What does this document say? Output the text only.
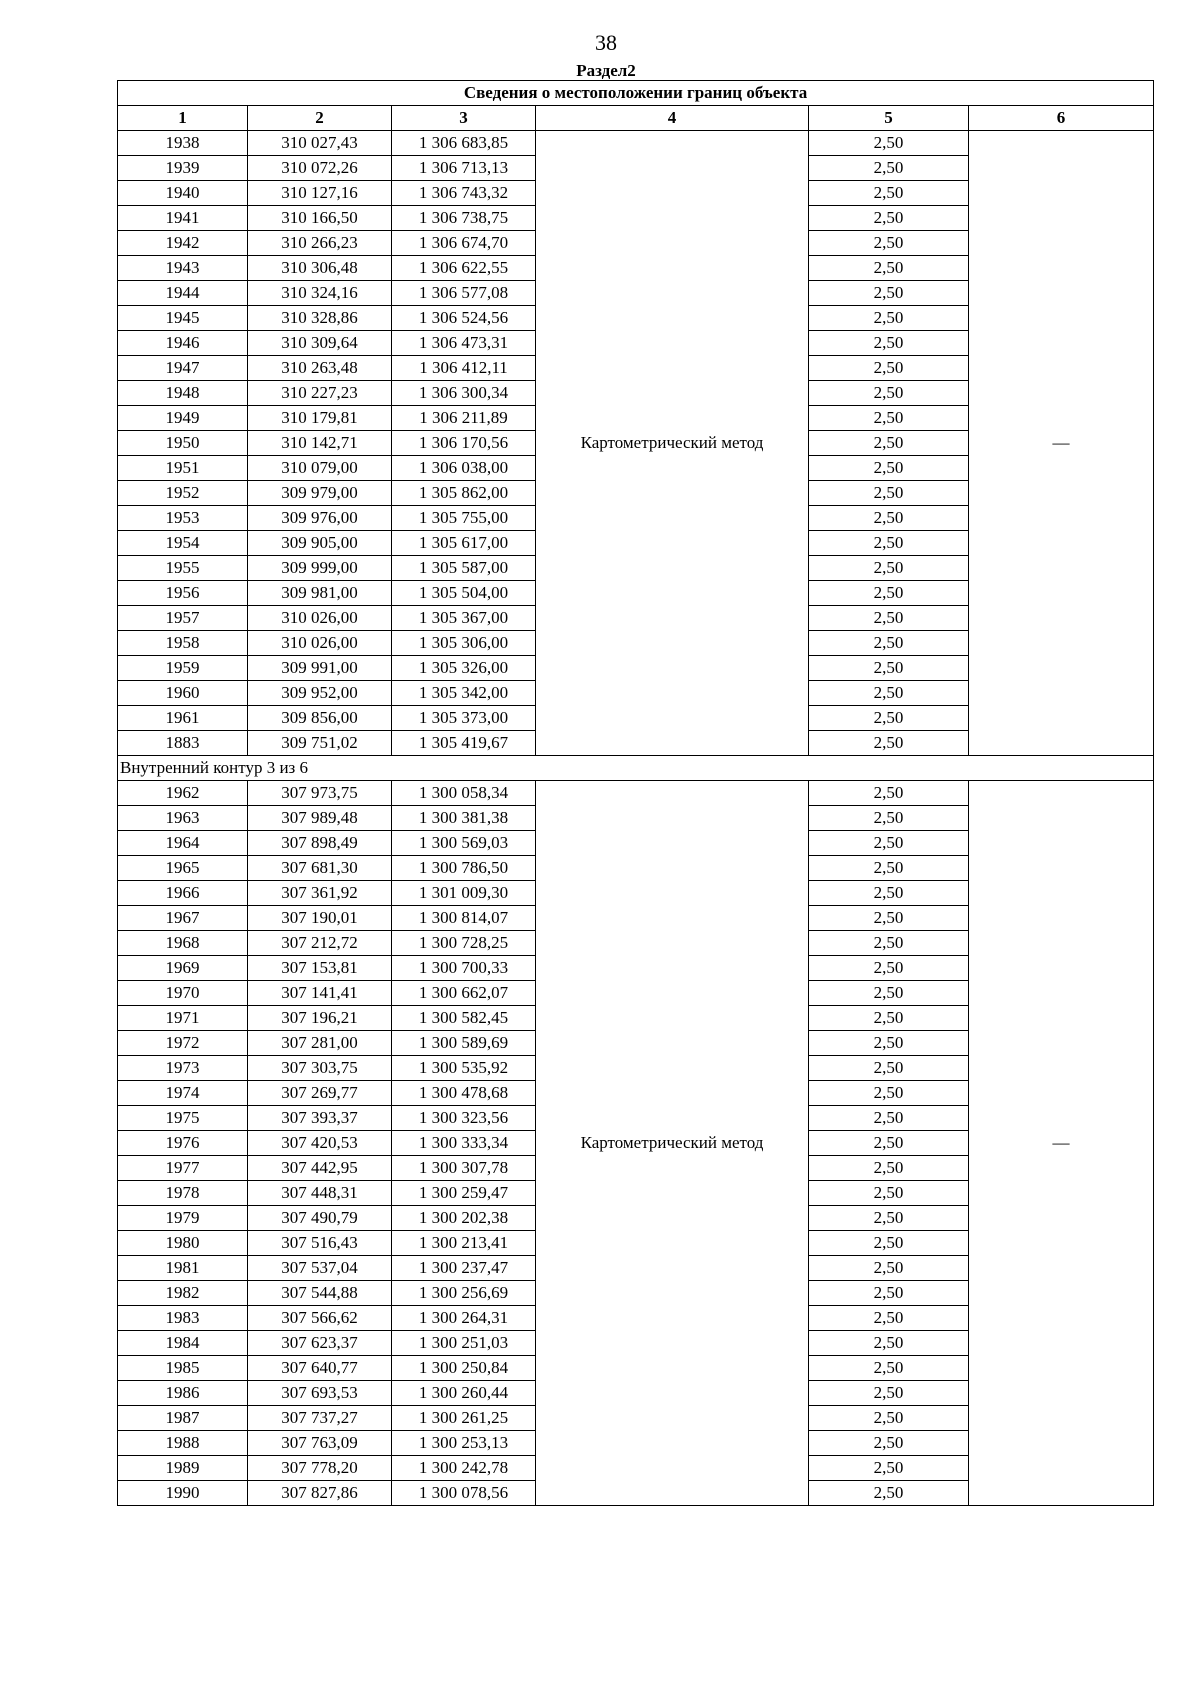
38
Раздел2
Сведения о местоположении границ объекта					
1	2	3	4	5	6
1938	310 027,43	1 306 683,85	Картометрический метод	2,50	—
1939	310 072,26	1 306 713,13		2,50	
1940	310 127,16	1 306 743,32		2,50	
1941	310 166,50	1 306 738,75		2,50	
1942	310 266,23	1 306 674,70		2,50	
1943	310 306,48	1 306 622,55		2,50	
1944	310 324,16	1 306 577,08		2,50	
1945	310 328,86	1 306 524,56		2,50	
1946	310 309,64	1 306 473,31		2,50	
1947	310 263,48	1 306 412,11		2,50	
1948	310 227,23	1 306 300,34		2,50	
1949	310 179,81	1 306 211,89		2,50	
1950	310 142,71	1 306 170,56		2,50	
1951	310 079,00	1 306 038,00		2,50	
1952	309 979,00	1 305 862,00		2,50	
1953	309 976,00	1 305 755,00		2,50	
1954	309 905,00	1 305 617,00		2,50	
1955	309 999,00	1 305 587,00		2,50	
1956	309 981,00	1 305 504,00		2,50	
1957	310 026,00	1 305 367,00		2,50	
1958	310 026,00	1 305 306,00		2,50	
1959	309 991,00	1 305 326,00		2,50	
1960	309 952,00	1 305 342,00		2,50	
1961	309 856,00	1 305 373,00		2,50	
1883	309 751,02	1 305 419,67		2,50	
Внутренний контур 3 из 6					
1962	307 973,75	1 300 058,34	Картометрический метод	2,50	—
1963	307 989,48	1 300 381,38		2,50	
1964	307 898,49	1 300 569,03		2,50	
1965	307 681,30	1 300 786,50		2,50	
1966	307 361,92	1 301 009,30		2,50	
1967	307 190,01	1 300 814,07		2,50	
1968	307 212,72	1 300 728,25		2,50	
1969	307 153,81	1 300 700,33		2,50	
1970	307 141,41	1 300 662,07		2,50	
1971	307 196,21	1 300 582,45		2,50	
1972	307 281,00	1 300 589,69		2,50	
1973	307 303,75	1 300 535,92		2,50	
1974	307 269,77	1 300 478,68		2,50	
1975	307 393,37	1 300 323,56		2,50	
1976	307 420,53	1 300 333,34		2,50	
1977	307 442,95	1 300 307,78		2,50	
1978	307 448,31	1 300 259,47		2,50	
1979	307 490,79	1 300 202,38		2,50	
1980	307 516,43	1 300 213,41		2,50	
1981	307 537,04	1 300 237,47		2,50	
1982	307 544,88	1 300 256,69		2,50	
1983	307 566,62	1 300 264,31		2,50	
1984	307 623,37	1 300 251,03		2,50	
1985	307 640,77	1 300 250,84		2,50	
1986	307 693,53	1 300 260,44		2,50	
1987	307 737,27	1 300 261,25		2,50	
1988	307 763,09	1 300 253,13		2,50	
1989	307 778,20	1 300 242,78		2,50	
1990	307 827,86	1 300 078,56		2,50	
